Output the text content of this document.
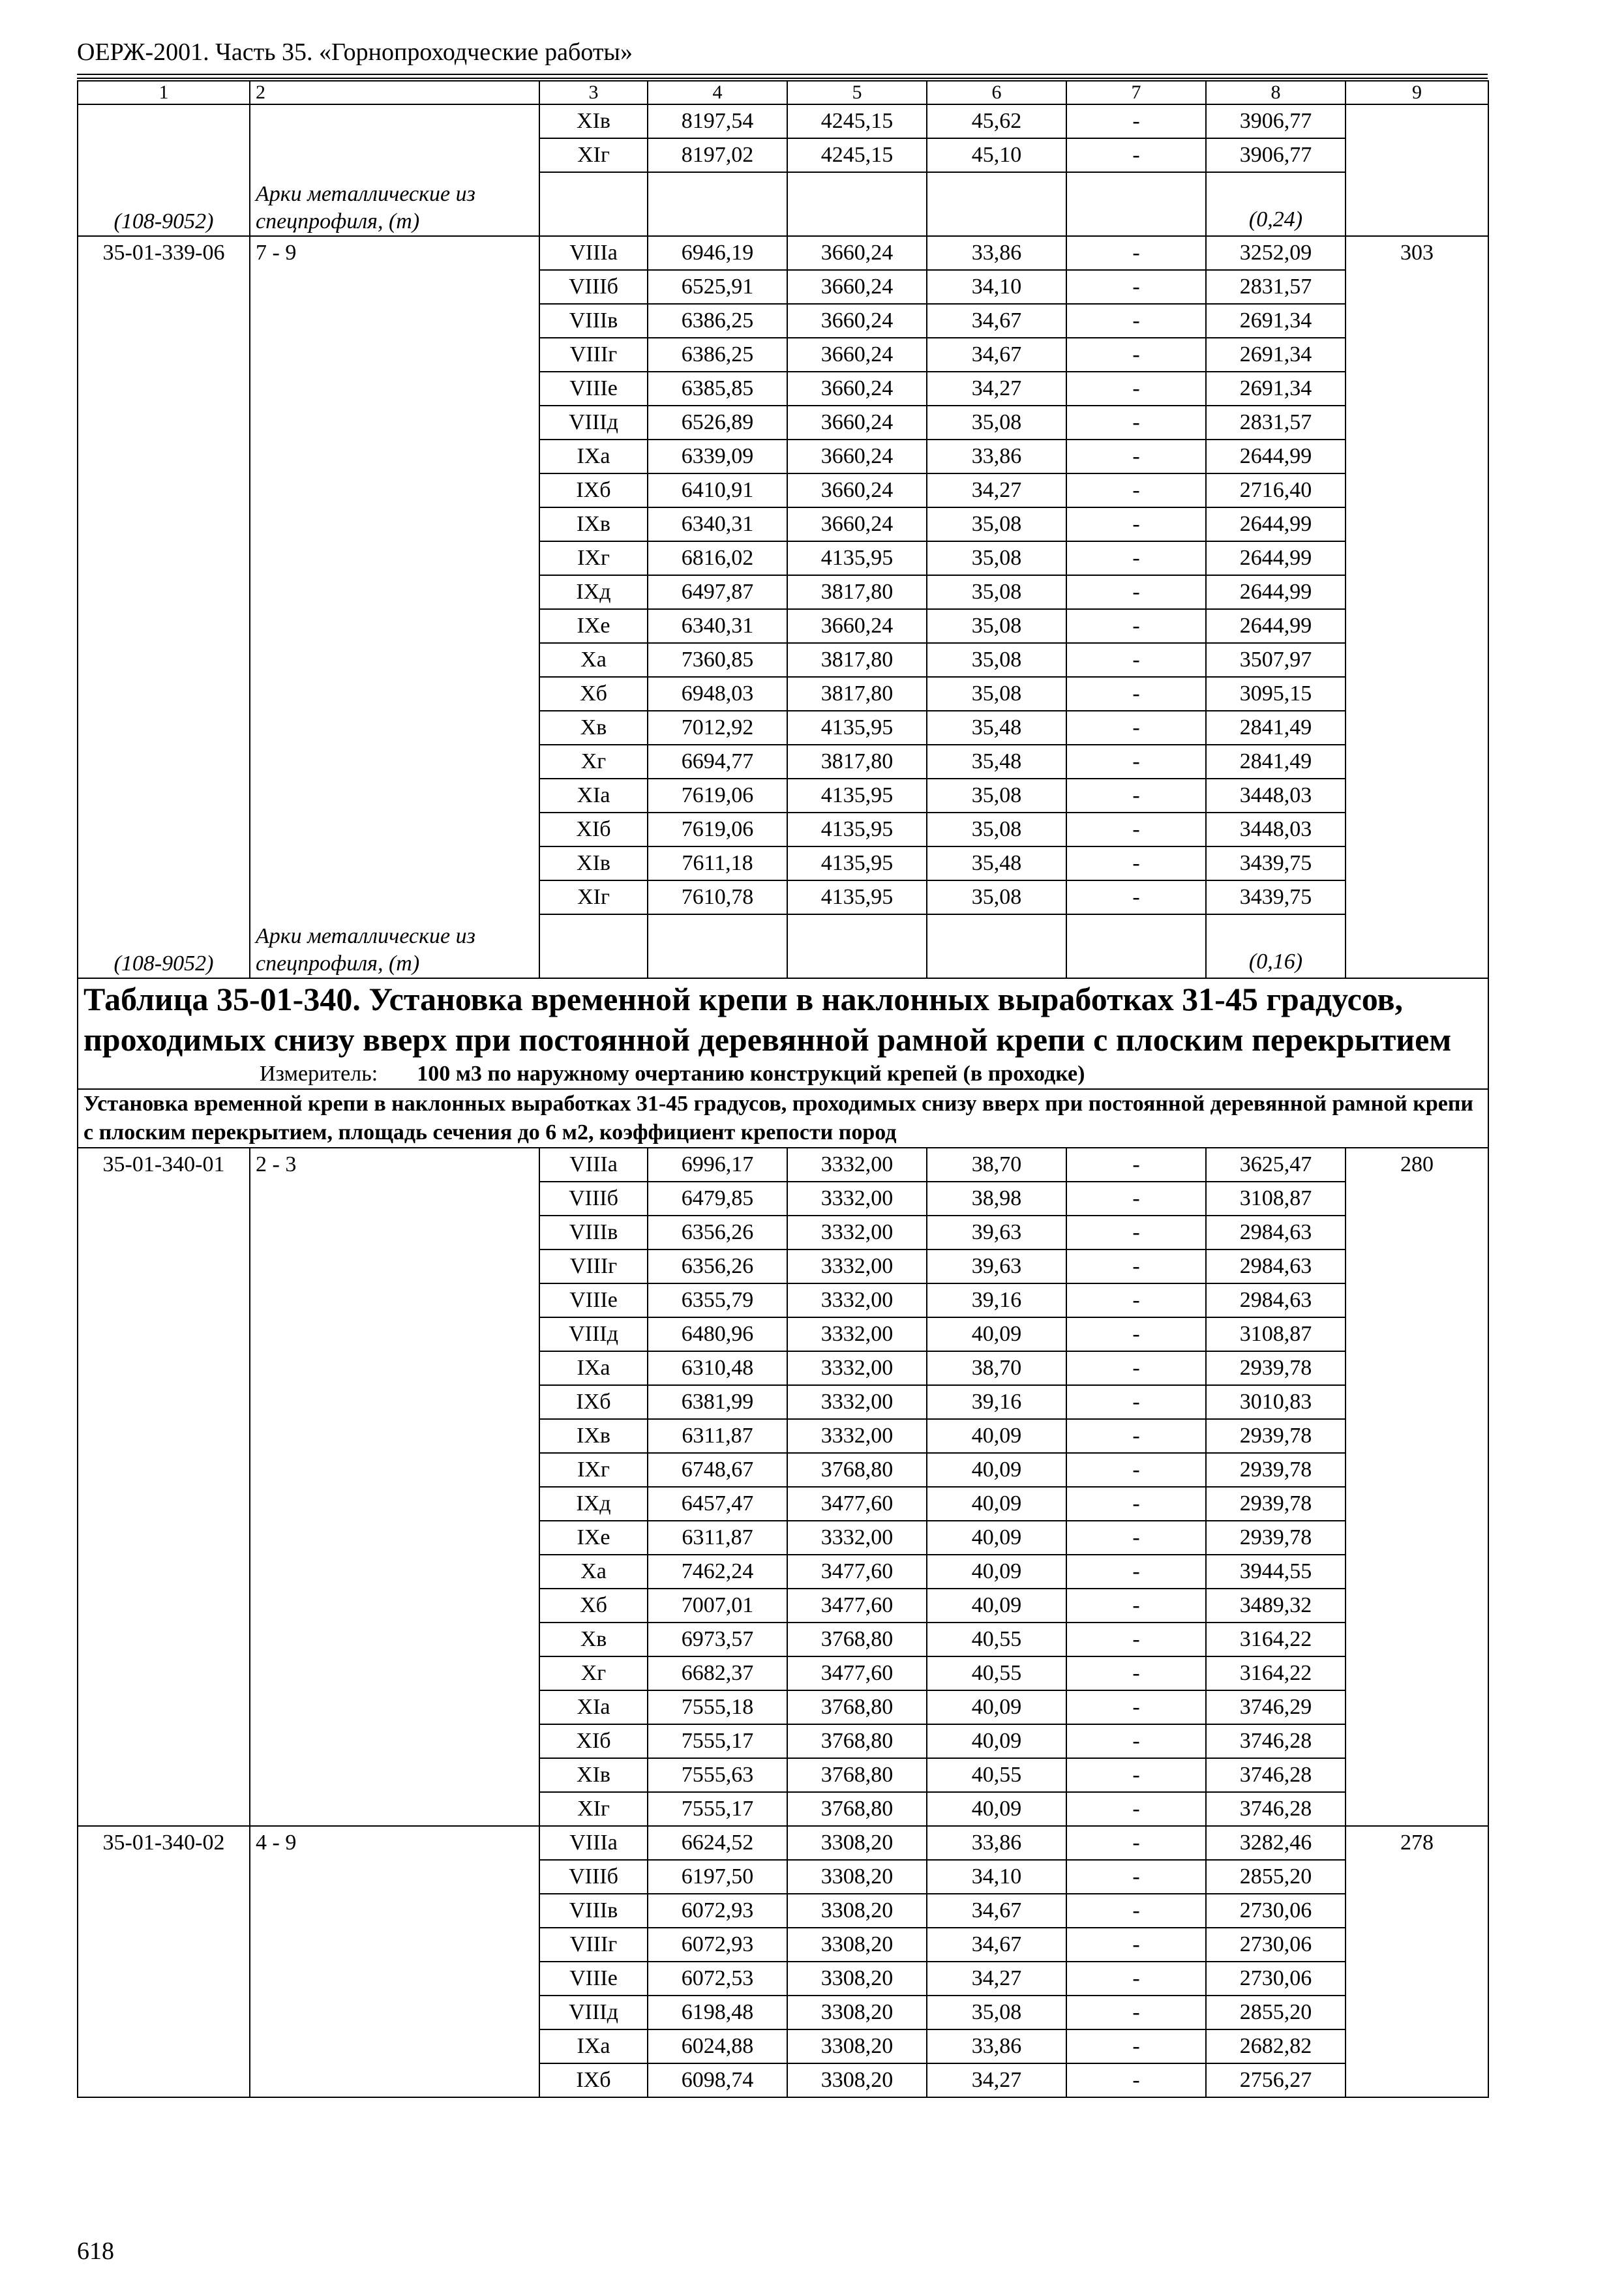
ОЕРЖ-2001. Часть 35. «Горнопроходческие работы»
1	2	3	4	5	6	7	8	9
		XIв	8197,54	4245,15	45,62	-	3906,77	
		XIг	8197,02	4245,15	45,10	-	3906,77	
(108-9052)	Арки металлические из спецпрофиля, (т)						(0,24)	
35-01-339-06	7 - 9	VIIIа	6946,19	3660,24	33,86	-	3252,09	303
		VIIIб	6525,91	3660,24	34,10	-	2831,57	
		VIIIв	6386,25	3660,24	34,67	-	2691,34	
		VIIIг	6386,25	3660,24	34,67	-	2691,34	
		VIIIе	6385,85	3660,24	34,27	-	2691,34	
		VIIIд	6526,89	3660,24	35,08	-	2831,57	
		IXа	6339,09	3660,24	33,86	-	2644,99	
		IXб	6410,91	3660,24	34,27	-	2716,40	
		IXв	6340,31	3660,24	35,08	-	2644,99	
		IXг	6816,02	4135,95	35,08	-	2644,99	
		IXд	6497,87	3817,80	35,08	-	2644,99	
		IXе	6340,31	3660,24	35,08	-	2644,99	
		Xа	7360,85	3817,80	35,08	-	3507,97	
		Xб	6948,03	3817,80	35,08	-	3095,15	
		Xв	7012,92	4135,95	35,48	-	2841,49	
		Xг	6694,77	3817,80	35,48	-	2841,49	
		XIа	7619,06	4135,95	35,08	-	3448,03	
		XIб	7619,06	4135,95	35,08	-	3448,03	
		XIв	7611,18	4135,95	35,48	-	3439,75	
		XIг	7610,78	4135,95	35,08	-	3439,75	
(108-9052)	Арки металлические из спецпрофиля, (т)						(0,16)	

Таблица 35-01-340. Установка временной крепи в наклонных выработках 31-45 градусов, проходимых снизу вверх при постоянной деревянной рамной крепи с плоским перекрытием
Измеритель: 100 м3 по наружному очертанию конструкций крепей (в проходке)								

Установка временной крепи в наклонных выработках 31-45 градусов, проходимых снизу вверх при постоянной деревянной рамной крепи с плоским перекрытием, площадь сечения до 6 м2, коэффициент крепости пород								
35-01-340-01	2 - 3	VIIIа	6996,17	3332,00	38,70	-	3625,47	280
		VIIIб	6479,85	3332,00	38,98	-	3108,87	
		VIIIв	6356,26	3332,00	39,63	-	2984,63	
		VIIIг	6356,26	3332,00	39,63	-	2984,63	
		VIIIе	6355,79	3332,00	39,16	-	2984,63	
		VIIIд	6480,96	3332,00	40,09	-	3108,87	
		IXа	6310,48	3332,00	38,70	-	2939,78	
		IXб	6381,99	3332,00	39,16	-	3010,83	
		IXв	6311,87	3332,00	40,09	-	2939,78	
		IXг	6748,67	3768,80	40,09	-	2939,78	
		IXд	6457,47	3477,60	40,09	-	2939,78	
		IXе	6311,87	3332,00	40,09	-	2939,78	
		Xа	7462,24	3477,60	40,09	-	3944,55	
		Xб	7007,01	3477,60	40,09	-	3489,32	
		Xв	6973,57	3768,80	40,55	-	3164,22	
		Xг	6682,37	3477,60	40,55	-	3164,22	
		XIа	7555,18	3768,80	40,09	-	3746,29	
		XIб	7555,17	3768,80	40,09	-	3746,28	
		XIв	7555,63	3768,80	40,55	-	3746,28	
		XIг	7555,17	3768,80	40,09	-	3746,28	
35-01-340-02	4 - 9	VIIIа	6624,52	3308,20	33,86	-	3282,46	278
		VIIIб	6197,50	3308,20	34,10	-	2855,20	
		VIIIв	6072,93	3308,20	34,67	-	2730,06	
		VIIIг	6072,93	3308,20	34,67	-	2730,06	
		VIIIе	6072,53	3308,20	34,27	-	2730,06	
		VIIIд	6198,48	3308,20	35,08	-	2855,20	
		IXа	6024,88	3308,20	33,86	-	2682,82	
		IXб	6098,74	3308,20	34,27	-	2756,27	
618
